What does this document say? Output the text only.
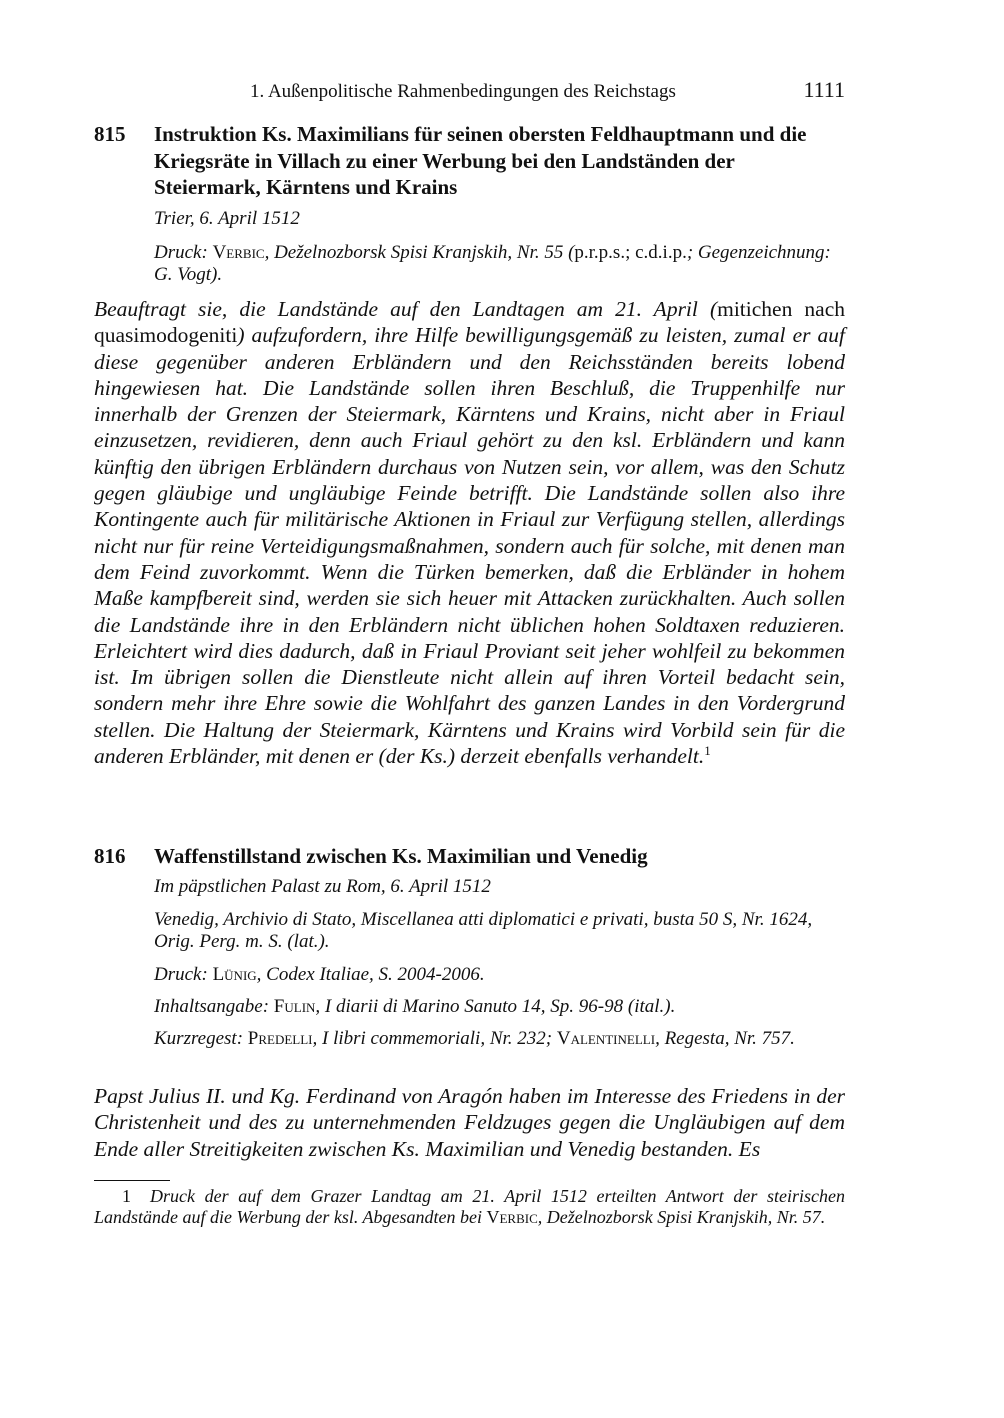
1. Außenpolitische Rahmenbedingungen des Reichstags	1111
815 Instruktion Ks. Maximilians für seinen obersten Feldhauptmann und die Kriegsräte in Villach zu einer Werbung bei den Landständen der Steiermark, Kärntens und Krains
Trier, 6. April 1512
Druck: Verbic, Deželnozborsk Spisi Kranjskih, Nr. 55 (p.r.p.s.; c.d.i.p.; Gegenzeichnung: G. Vogt).
Beauftragt sie, die Landstände auf den Landtagen am 21. April (mitichen nach quasimodogeniti) aufzufordern, ihre Hilfe bewilligungsgemäß zu leisten, zumal er auf diese gegenüber anderen Erbländern und den Reichsständen bereits lobend hingewiesen hat. Die Landstände sollen ihren Beschluß, die Truppenhilfe nur innerhalb der Grenzen der Steiermark, Kärntens und Krains, nicht aber in Friaul einzusetzen, revidieren, denn auch Friaul gehört zu den ksl. Erbländern und kann künftig den übrigen Erbländern durchaus von Nutzen sein, vor allem, was den Schutz gegen gläubige und ungläubige Feinde betrifft. Die Landstände sollen also ihre Kontingente auch für militärische Aktionen in Friaul zur Verfügung stellen, allerdings nicht nur für reine Verteidigungsmaßnahmen, sondern auch für solche, mit denen man dem Feind zuvorkommt. Wenn die Türken bemerken, daß die Erbländer in hohem Maße kampfbereit sind, werden sie sich heuer mit Attacken zurückhalten. Auch sollen die Landstände ihre in den Erbländern nicht üblichen hohen Soldtaxen reduzieren. Erleichtert wird dies dadurch, daß in Friaul Proviant seit jeher wohlfeil zu bekommen ist. Im übrigen sollen die Dienstleute nicht allein auf ihren Vorteil bedacht sein, sondern mehr ihre Ehre sowie die Wohlfahrt des ganzen Landes in den Vordergrund stellen. Die Haltung der Steiermark, Kärntens und Krains wird Vorbild sein für die anderen Erbländer, mit denen er (der Ks.) derzeit ebenfalls verhandelt.$^1$
816 Waffenstillstand zwischen Ks. Maximilian und Venedig
Im päpstlichen Palast zu Rom, 6. April 1512
Venedig, Archivio di Stato, Miscellanea atti diplomatici e privati, busta 50 S, Nr. 1624, Orig. Perg. m. S. (lat.).
Druck: Lünig, Codex Italiae, S. 2004-2006.
Inhaltsangabe: Fulin, I diarii di Marino Sanuto 14, Sp. 96-98 (ital.).
Kurzregest: Predelli, I libri commemoriali, Nr. 232; Valentinelli, Regesta, Nr. 757.
Papst Julius II. und Kg. Ferdinand von Aragón haben im Interesse des Friedens in der Christenheit und des zu unternehmenden Feldzuges gegen die Ungläubigen auf dem Ende aller Streitigkeiten zwischen Ks. Maximilian und Venedig bestanden. Es
1 Druck der auf dem Grazer Landtag am 21. April 1512 erteilten Antwort der steirischen Landstände auf die Werbung der ksl. Abgesandten bei Verbic, Deželnozborsk Spisi Kranjskih, Nr. 57.
